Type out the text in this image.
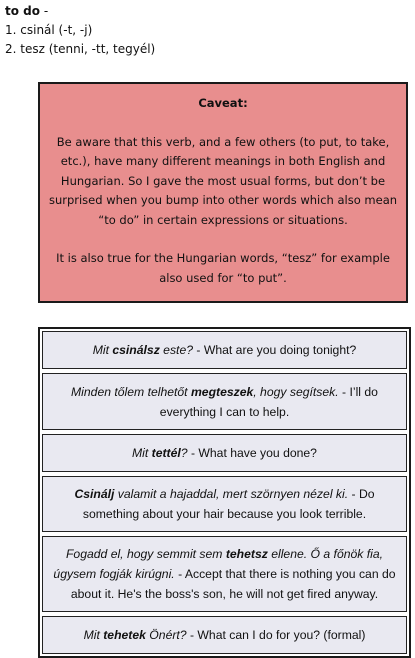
to do -
1. csinál (-t, -j)
2. tesz (tenni, -tt, tegyél)
Caveat:

Be aware that this verb, and a few others (to put, to take, etc.), have many different meanings in both English and Hungarian. So I gave the most usual forms, but don’t be surprised when you bump into other words which also mean “to do” in certain expressions or situations.

It is also true for the Hungarian words, “tesz” for example also used for “to put”.

Mit csinálsz este? - What are you doing tonight?
Minden tőlem telhetőt megteszek, hogy segítsek. - I’ll do everything I can to help.
Mit tettél? - What have you done?
Csinálj valamit a hajaddal, mert szörnyen nézel ki. - Do something about your hair because you look terrible.
Fogadd el, hogy semmit sem tehetsz ellene. Ő a főnök fia, úgysem fogják kirúgni. - Accept that there is nothing you can do about it. He's the boss's son, he will not get fired anyway.
Mit tehetek Önért? - What can I do for you? (formal)
